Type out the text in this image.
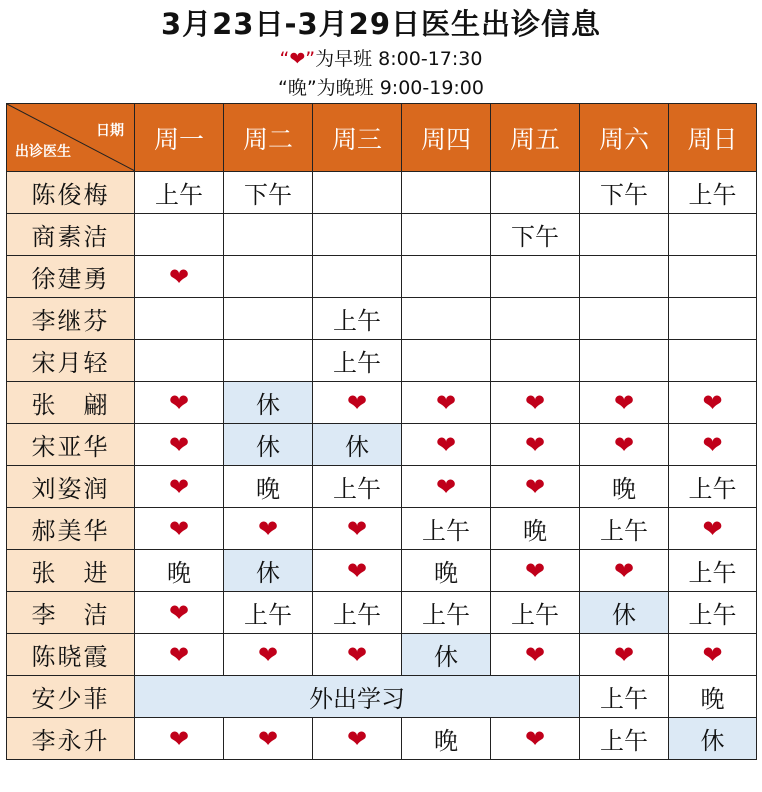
3月23日-3月29日医生出诊信息
“❤”为早班 8:00-17:30
“晚”为晚班 9:00-19:00
日期
出诊医生	周一	周二	周三	周四	周五	周六	周日
陈俊梅	上午	下午				下午	上午
商素洁					下午		
徐建勇	❤						
李继芬			上午				
宋月轻			上午				
张　翩	❤	休	❤	❤	❤	❤	❤
宋亚华	❤	休	休	❤	❤	❤	❤
刘姿润	❤	晚	上午	❤	❤	晚	上午
郝美华	❤	❤	❤	上午	晚	上午	❤
张　进	晚	休	❤	晚	❤	❤	上午
李　洁	❤	上午	上午	上午	上午	休	上午
陈晓霞	❤	❤	❤	休	❤	❤	❤
安少菲	外出学习					上午	晚
李永升	❤	❤	❤	晚	❤	上午	休
